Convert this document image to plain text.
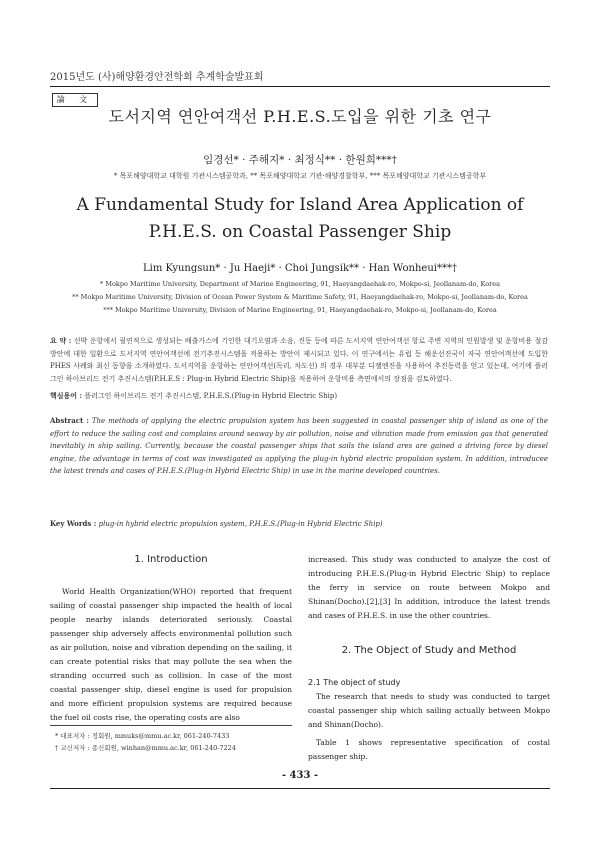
2015년도 (사)해양환경안전학회 추계학술발표회
論 文
도서지역 연안여객선 P.H.E.S.도입을 위한 기초 연구
임경선* · 주해지* · 최정식** · 한원희***†
* 목포해양대학교 대학원 기관시스템공학과, ** 목포해양대학교 기관·해양경찰학부, *** 목포해양대학교 기관시스템공학부
A Fundamental Study for Island Area Application of P.H.E.S. on Coastal Passenger Ship
Lim Kyungsun* · Ju Haeji* · Choi Jungsik** · Han Wonheui***†
* Mokpo Maritime University, Department of Marine Engineering, 91, Haeyangdaehak-ro, Mokpo-si, Jeollanam-do, Korea
** Mokpo Maritime University, Division of Ocean Power System & Maritime Safety, 91, Haeyangdaehak-ro, Mokpo-si, Jeollanam-do, Korea
*** Mokpo Maritime University, Division of Marine Engineering, 91, Haeyangdaehak-ro, Mokpo-si, Jeollanam-do, Korea
요 약 : 선박 운항에서 필연적으로 생성되는 배출가스에 기인한 대기오염과 소음, 진동 등에 따른 도서지역 연안여객선 항로 주변 지역의 민원발생 및 운항비용 절감방안에 대한 일환으로 도서지역 연안여객선에 전기추진시스템을 적용하는 방안이 제시되고 있다. 이 연구에서는 유럽 등 해운선진국이 자국 연안여객선에 도입한 PHES 사례와 최신 동향을 소개하였다. 도서지역을 운항하는 연안여객선(독리, 차도선) 의 경우 대부분 디젤엔진을 사용하여 추진동력을 얻고 있는데, 여기에 플러그인 하이브리드 전기 추진시스템(P.H.E.S : Plug-in Hybrid Electric Ship)을 적용하여 운항비용 측면에서의 장점을 검토하였다.
핵심용어 : 플러그인 하이브리드 전기 추진시스템, P.H.E.S.(Plug-in Hybrid Electric Ship)
Abstract : The methods of applying the electric propulsion system has been suggested in coastal passenger ship of island as one of the effort to reduce the sailing cost and complains around seaway by air pollution, noise and vibration made from emission gas that generated inevitably in ship sailing. Currently, because the coastal passenger ships that sails the island ares are gained a driving force by diesel engine, the advantage in terms of cost was investigated as applying the plug-in hybrid electric propulsion system. In addition, introducee the latest trends and cases of P.H.E.S.(Plug-in Hybrid Electric Ship) in use in the marine developed countries.
Key Words : plug-in hybrid electric propulsion system, P.H.E.S.(Plug-in Hybrid Electric Ship)
1. Introduction
World Health Organization(WHO) reported that frequent sailing of coastal passenger ship impacted the health of local people nearby islands deteriorated seriously. Coastal passenger ship adversely affects environmental pollution such as air pollution, noise and vibration depending on the sailing, it can create potential risks that may pollute the sea when the stranding occurred such as collision. In case of the most coastal passenger ship, diesel engine is used for propulsion and more efficient propulsion systems are required because the fuel oil costs rise, the operating costs are also
increased. This study was conducted to analyze the cost of introducing P.H.E.S.(Plug-in Hybrid Electric Ship) to replace the ferry in service on route between Mokpo and Shinan(Docho).[2],[3] In addition, introduce the latest trends and cases of P.H.E.S. in use the other countries.
2. The Object of Study and Method
2.1 The object of study
The research that needs to study was conducted to target coastal passenger ship which sailing actually between Mokpo and Shinan(Docho).
Table 1 shows representative specification of costal passenger ship.
* 대표저자 : 정회원, mmuks@mmu.ac.kr, 061-240-7433
† 교신저자 : 종신회원, winhan@mmu.ac.kr, 061-240-7224
- 433 -
